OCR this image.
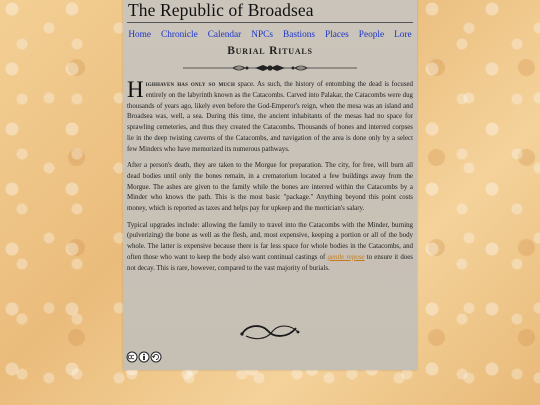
The Republic of Broadsea
Home Chronicle Calendar NPCs Bastions Places People Lore
Burial Rituals

Highhaven has only so much space. As such, the history of entombing the dead is focused entirely on the labyrinth known as the Catacombs. Carved into Palakar, the Catacombs were dug thousands of years ago, likely even before the God-Emperor's reign, when the mesa was an island and Broadsea was, well, a sea. During this time, the ancient inhabitants of the mesas had no space for sprawling cemeteries, and thus they created the Catacombs. Thousands of bones and interred corpses lie in the deep twisting caverns of the Catacombs, and navigation of the area is done only by a select few Minders who have memorized its numerous pathways.

After a person's death, they are taken to the Morgue for preparation. The city, for free, will burn all dead bodies until only the bones remain, in a crematorium located a few buildings away from the Morgue. The ashes are given to the family while the bones are interred within the Catacombs by a Minder who knows the path. This is the most basic "package." Anything beyond this point costs money, which is reported as taxes and helps pay for upkeep and the mortician's salary.

Typical upgrades include: allowing the family to travel into the Catacombs with the Minder, burning (pulverizing) the bone as well as the flesh, and, most expensive, keeping a portion or all of the body whole. The latter is expensive because there is far less space for whole bodies in the Catacombs, and often those who want to keep the body also want continual castings of gentle repose to ensure it does not decay. This is rare, however, compared to the vast majority of burials.
